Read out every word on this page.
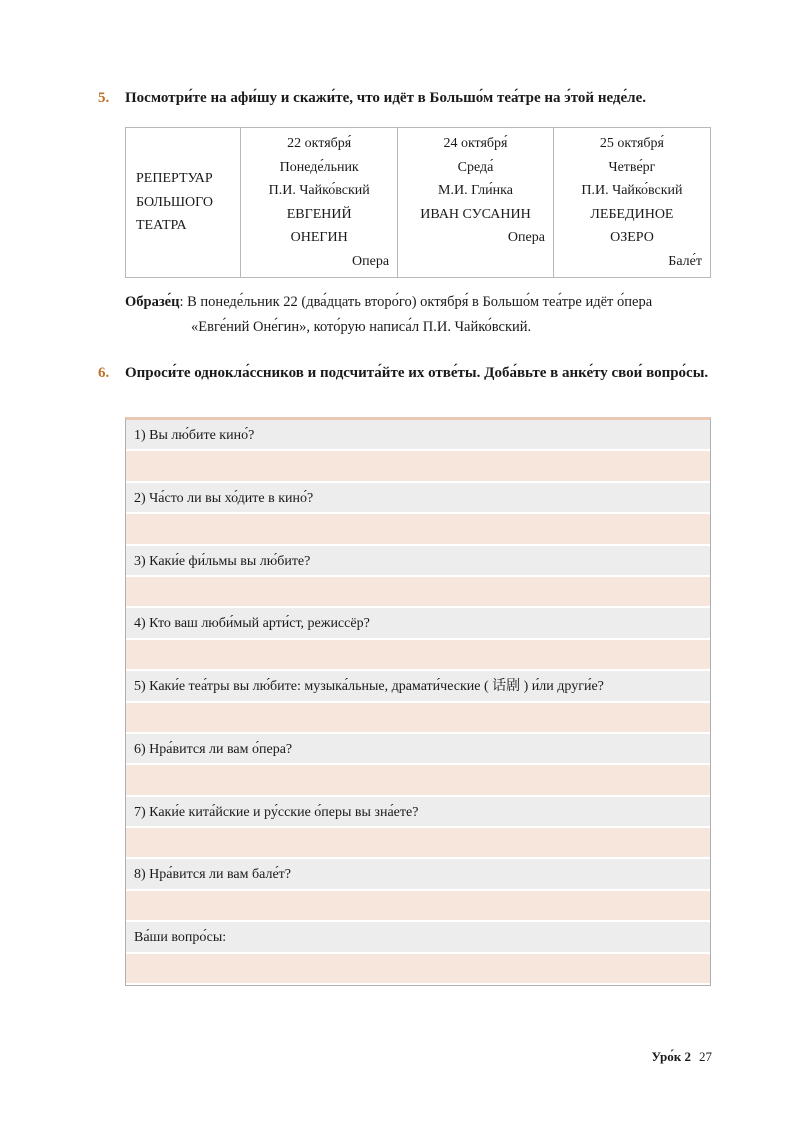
5.	Посмотри́те на афи́шу и скажи́те, что идёт в Большо́м теа́тре на э́той неде́ле.
РЕПЕРТУАР
БОЛЬШОГО
ТЕАТРА

22 октября́
Понеде́льник
П.И. Чайко́вский
ЕВГЕНИЙ
ОНЕГИН
Опера

24 октября́
Среда́
М.И. Гли́нка
ИВАН СУСАНИН
Опера

25 октября́
Четве́рг
П.И. Чайко́вский
ЛЕБЕДИНОЕ
ОЗЕРО
Бале́т
Образе́ц: В понеде́льник 22 (два́дцать второ́го) октября́ в Большо́м теа́тре идёт о́пера
«Евге́ний Оне́гин», кото́рую написа́л П.И. Чайко́вский.
6.	Опроси́те однокла́ссников и подсчита́йте их отве́ты. Доба́вьте в анке́ту свои́ вопро́сы.
1) Вы лю́бите кино́?
2) Ча́сто ли вы хо́дите в кино́?
3) Каки́е фи́льмы вы лю́бите?
4) Кто ваш люби́мый арти́ст, режиссёр?
5) Каки́е теа́тры вы лю́бите: музыка́льные, драмати́ческие ( 话剧 ) и́ли други́е?
6) Нра́вится ли вам о́пера?
7) Каки́е кита́йские и ру́сские о́перы вы зна́ете?
8) Нра́вится ли вам бале́т?
Ва́ши вопро́сы:
Уро́к 2 27
